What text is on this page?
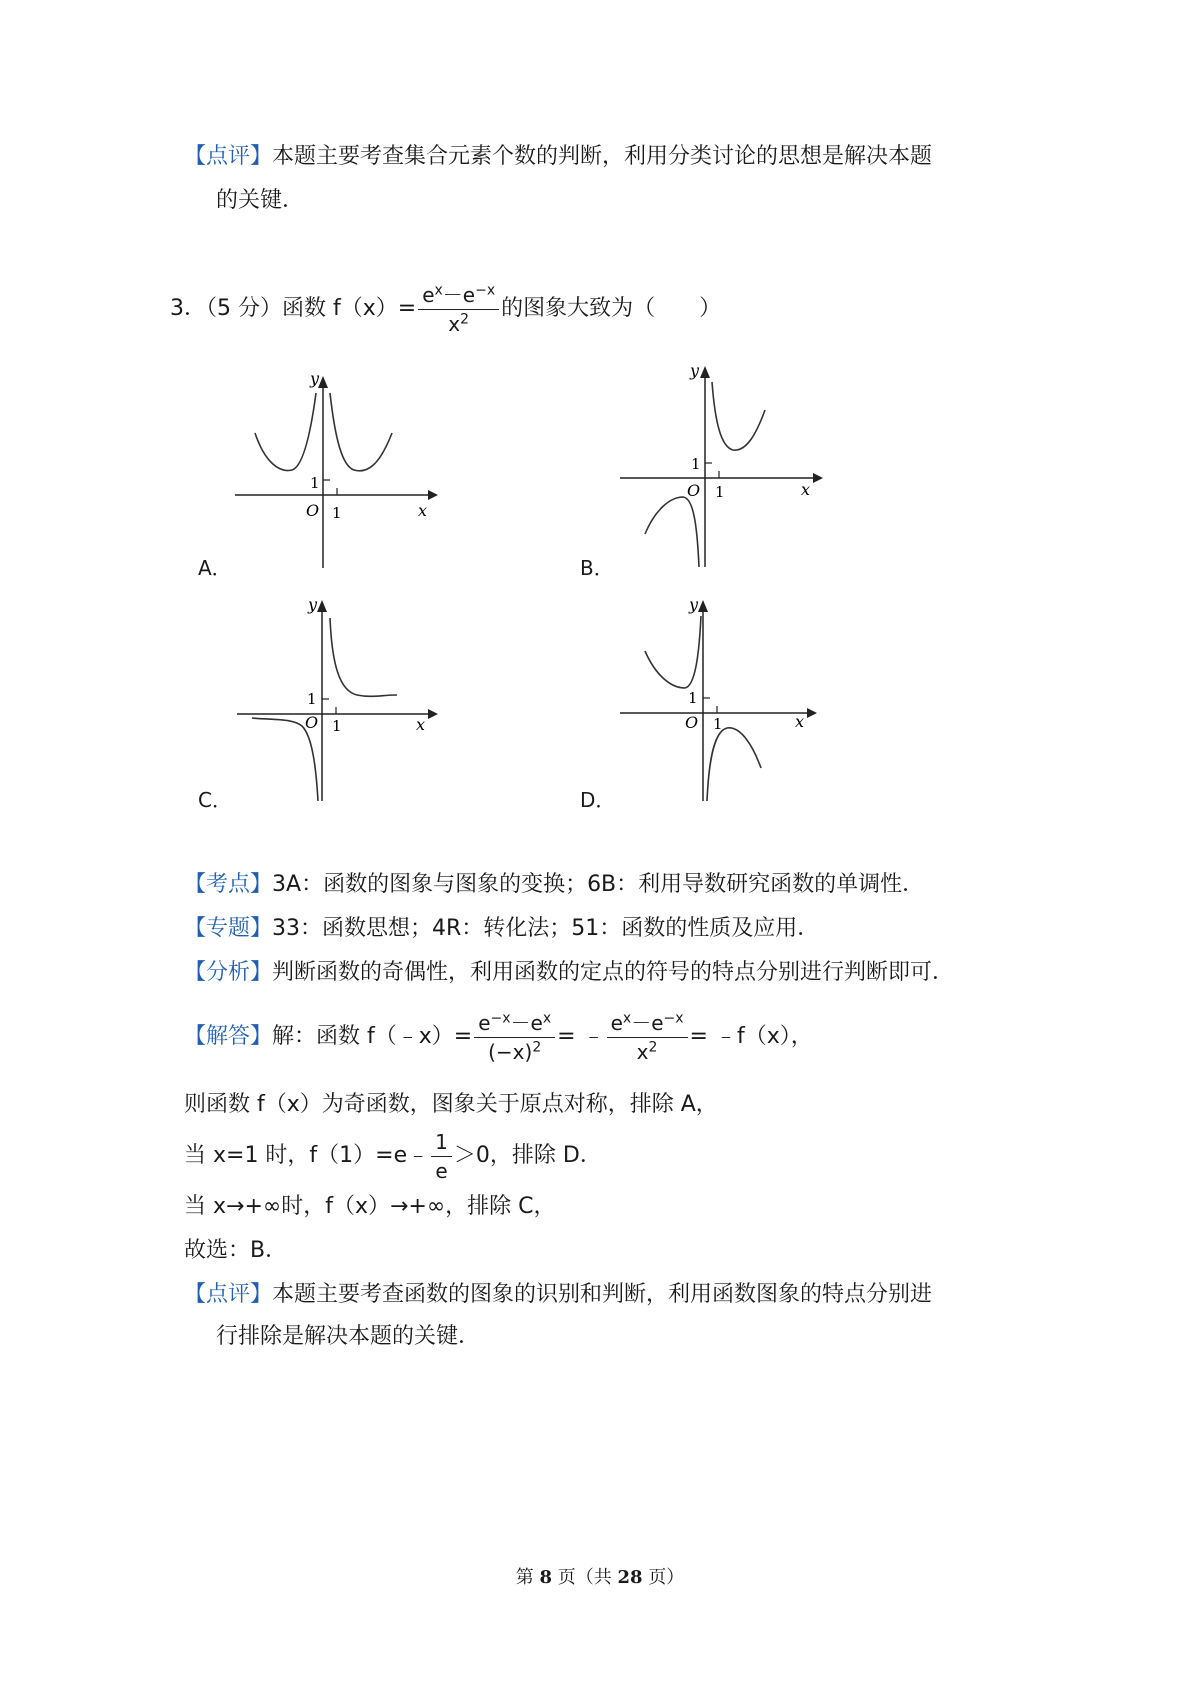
【点评】本题主要考查集合元素个数的判断，利用分类讨论的思想是解决本题
的关键．
3．（5 分）函数 $f(x)= \frac{e^x-e^{-x}}{x^2}$ 的图象大致为（　　）
y
x
O 1
1
A．
y
x
O 1
1
B．
y
x
O 1
1
C．
y
x
O 1
1
D．
【考点】3A：函数的图象与图象的变换；6B：利用导数研究函数的单调性．
【专题】33：函数思想；4R：转化法；51：函数的性质及应用．
【分析】判断函数的奇偶性，利用函数的定点的符号的特点分别进行判断即可．
【解答】解：函数 f（﹣x）= $\frac{e^{-x}-e^x}{(-x)^2}$ = ﹣ $\frac{e^x-e^{-x}}{x^2}$ = ﹣f（x），
则函数 f（x）为奇函数，图象关于原点对称，排除 A，
当 x=1 时，f（1）=e﹣ $\frac{1}{e} >0$，排除 D．
当 x→+∞时，f（x）→+∞，排除 C，
故选：B．
【点评】本题主要考查函数的图象的识别和判断，利用函数图象的特点分别进
行排除是解决本题的关键．
第 8 页（共 28 页）
